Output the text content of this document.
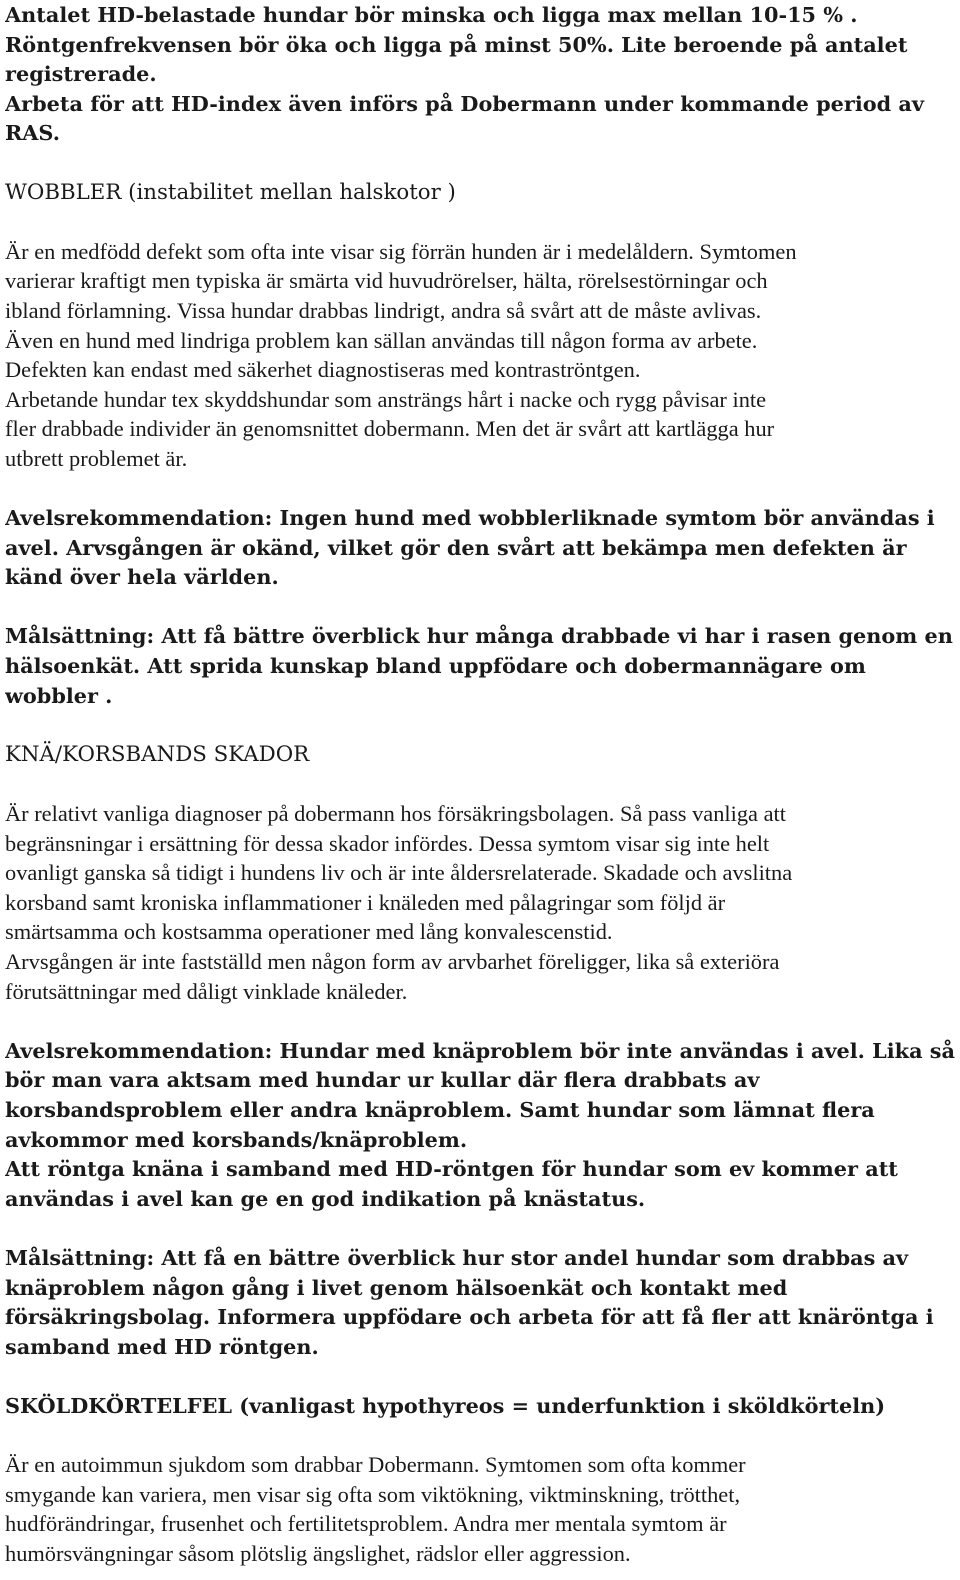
Antalet HD-belastade hundar bör minska och ligga max mellan 10-15 % .

Röntgenfrekvensen bör öka och ligga på minst 50%. Lite beroende på antalet

registrerade.

Arbeta för att HD-index även införs på Dobermann under kommande period av

RAS.

WOBBLER (instabilitet mellan halskotor )

Är en medfödd defekt som ofta inte visar sig förrän hunden är i medelåldern. Symtomen

varierar kraftigt men typiska är smärta vid huvudrörelser, hälta, rörelsestörningar och

ibland förlamning. Vissa hundar drabbas lindrigt, andra så svårt att de måste avlivas.

Även en hund med lindriga problem kan sällan användas till någon forma av arbete.

Defekten kan endast med säkerhet diagnostiseras med kontraströntgen.

Arbetande hundar tex skyddshundar som ansträngs hårt i nacke och rygg påvisar inte

fler drabbade individer än genomsnittet dobermann. Men det är svårt att kartlägga hur

utbrett problemet är.

Avelsrekommendation: Ingen hund med wobblerliknade symtom bör användas i

avel. Arvsgången är okänd, vilket gör den svårt att bekämpa men defekten är

känd över hela världen.

Målsättning: Att få bättre överblick hur många drabbade vi har i rasen genom en

hälsoenkät. Att sprida kunskap bland uppfödare och dobermannägare om

wobbler .

KNÄ/KORSBANDS SKADOR

Är relativt vanliga diagnoser på dobermann hos försäkringsbolagen. Så pass vanliga att

begränsningar i ersättning för dessa skador infördes. Dessa symtom visar sig inte helt

ovanligt ganska så tidigt i hundens liv och är inte åldersrelaterade. Skadade och avslitna

korsband samt kroniska inflammationer i knäleden med pålagringar som följd är

smärtsamma och kostsamma operationer med lång konvalescenstid.

Arvsgången är inte fastställd men någon form av arvbarhet föreligger, lika så exteriöra

förutsättningar med dåligt vinklade knäleder.

Avelsrekommendation: Hundar med knäproblem bör inte användas i avel. Lika så

bör man vara aktsam med hundar ur kullar där flera drabbats av

korsbandsproblem eller andra knäproblem. Samt hundar som lämnat flera

avkommor med korsbands/knäproblem.

Att röntga knäna i samband med HD-röntgen för hundar som ev kommer att

användas i avel kan ge en god indikation på knästatus.

Målsättning: Att få en bättre överblick hur stor andel hundar som drabbas av

knäproblem någon gång i livet genom hälsoenkät och kontakt med

försäkringsbolag. Informera uppfödare och arbeta för att få fler att knäröntga i

samband med HD röntgen.

SKÖLDKÖRTELFEL (vanligast hypothyreos = underfunktion i sköldkörteln)

Är en autoimmun sjukdom som drabbar Dobermann. Symtomen som ofta kommer

smygande kan variera, men visar sig ofta som viktökning, viktminskning, trötthet,

hudförändringar, frusenhet och fertilitetsproblem. Andra mer mentala symtom är

humörsvängningar såsom plötslig ängslighet, rädslor eller aggression.
